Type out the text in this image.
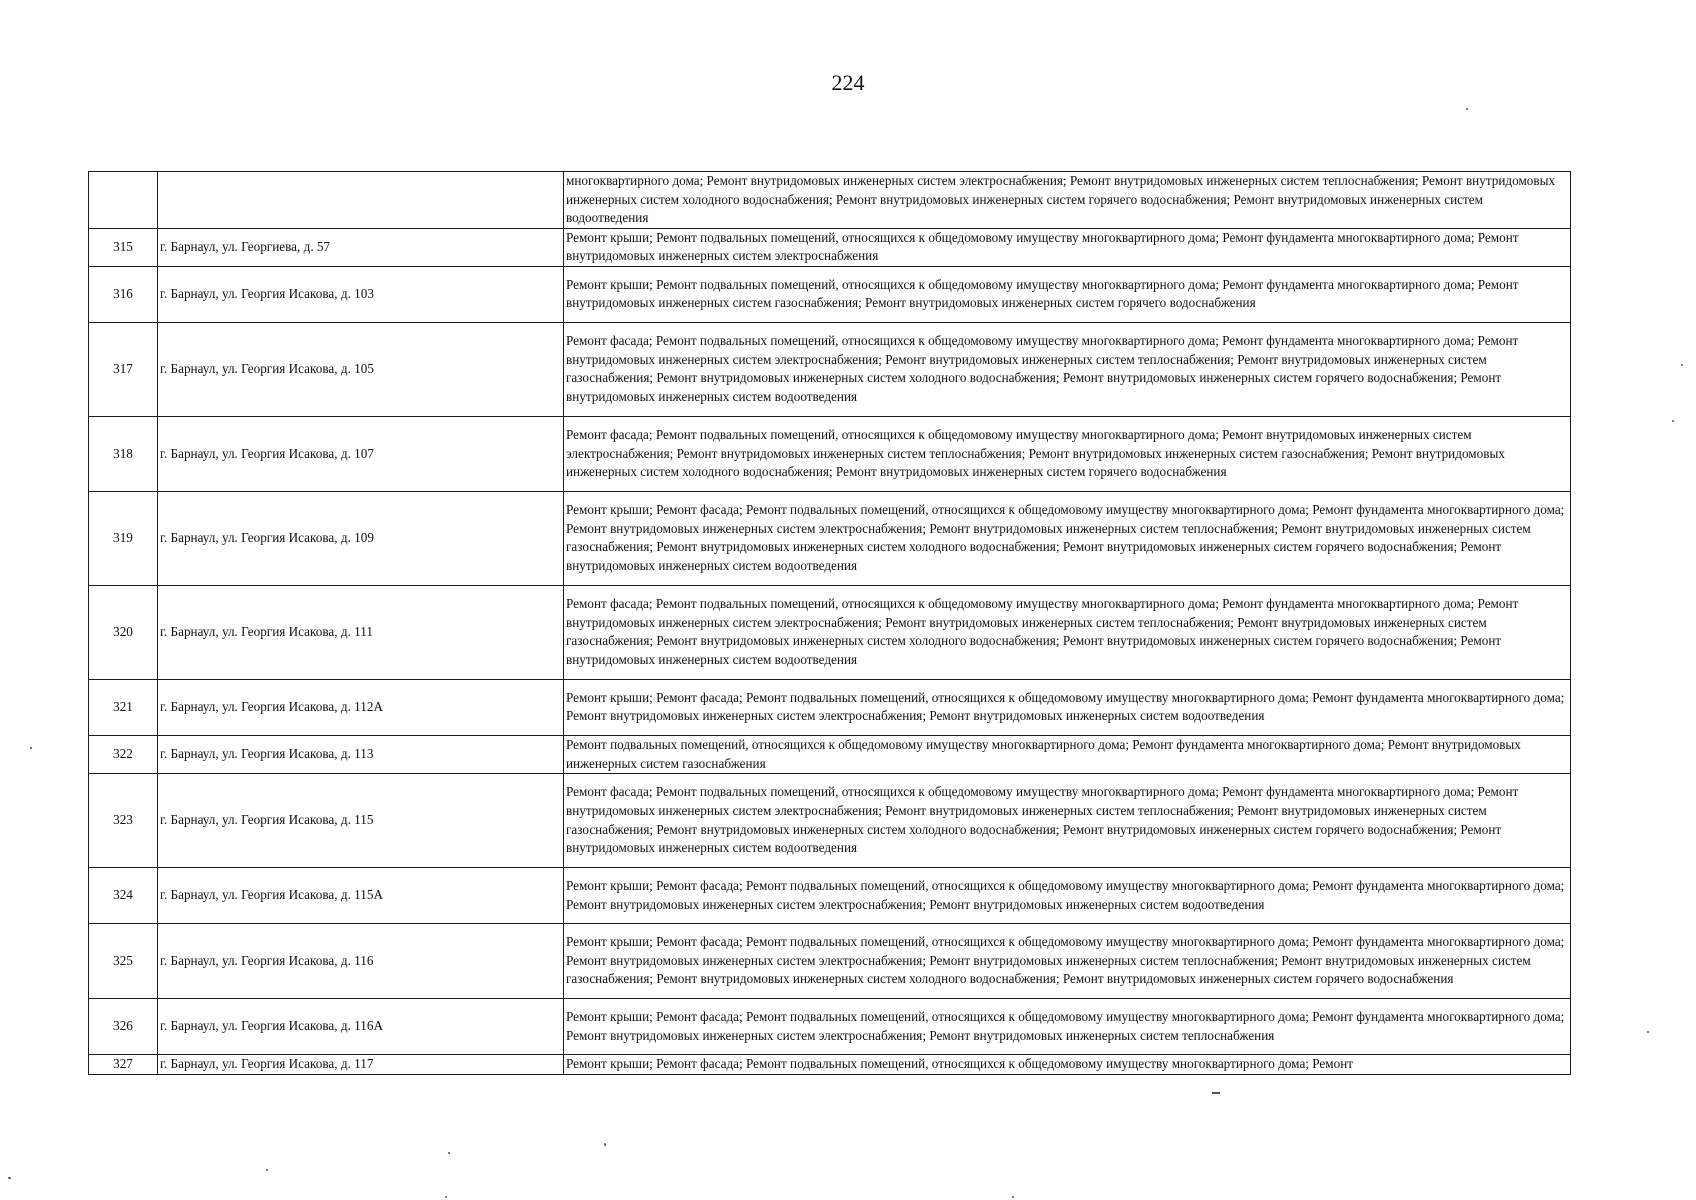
224
		многоквартирного дома; Ремонт внутридомовых инженерных систем электроснабжения; Ремонт внутридомовых инженерных систем теплоснабжения; Ремонт внутридомовых инженерных систем холодного водоснабжения; Ремонт внутридомовых инженерных систем горячего водоснабжения; Ремонт внутридомовых инженерных систем водоотведения
315	г. Барнаул, ул. Георгиева, д. 57	Ремонт крыши; Ремонт подвальных помещений, относящихся к общедомовому имуществу многоквартирного дома; Ремонт фундамента многоквартирного дома; Ремонт внутридомовых инженерных систем электроснабжения
316	г. Барнаул, ул. Георгия Исакова, д. 103	Ремонт крыши; Ремонт подвальных помещений, относящихся к общедомовому имуществу многоквартирного дома; Ремонт фундамента многоквартирного дома; Ремонт внутридомовых инженерных систем газоснабжения; Ремонт внутридомовых инженерных систем горячего водоснабжения
317	г. Барнаул, ул. Георгия Исакова, д. 105	Ремонт фасада; Ремонт подвальных помещений, относящихся к общедомовому имуществу многоквартирного дома; Ремонт фундамента многоквартирного дома; Ремонт внутридомовых инженерных систем электроснабжения; Ремонт внутридомовых инженерных систем теплоснабжения; Ремонт внутридомовых инженерных систем газоснабжения; Ремонт внутридомовых инженерных систем холодного водоснабжения; Ремонт внутридомовых инженерных систем горячего водоснабжения; Ремонт внутридомовых инженерных систем водоотведения
318	г. Барнаул, ул. Георгия Исакова, д. 107	Ремонт фасада; Ремонт подвальных помещений, относящихся к общедомовому имуществу многоквартирного дома; Ремонт внутридомовых инженерных систем электроснабжения; Ремонт внутридомовых инженерных систем теплоснабжения; Ремонт внутридомовых инженерных систем газоснабжения; Ремонт внутридомовых инженерных систем холодного водоснабжения; Ремонт внутридомовых инженерных систем горячего водоснабжения
319	г. Барнаул, ул. Георгия Исакова, д. 109	Ремонт крыши; Ремонт фасада; Ремонт подвальных помещений, относящихся к общедомовому имуществу многоквартирного дома; Ремонт фундамента многоквартирного дома; Ремонт внутридомовых инженерных систем электроснабжения; Ремонт внутридомовых инженерных систем теплоснабжения; Ремонт внутридомовых инженерных систем газоснабжения; Ремонт внутридомовых инженерных систем холодного водоснабжения; Ремонт внутридомовых инженерных систем горячего водоснабжения; Ремонт внутридомовых инженерных систем водоотведения
320	г. Барнаул, ул. Георгия Исакова, д. 111	Ремонт фасада; Ремонт подвальных помещений, относящихся к общедомовому имуществу многоквартирного дома; Ремонт фундамента многоквартирного дома; Ремонт внутридомовых инженерных систем электроснабжения; Ремонт внутридомовых инженерных систем теплоснабжения; Ремонт внутридомовых инженерных систем газоснабжения; Ремонт внутридомовых инженерных систем холодного водоснабжения; Ремонт внутридомовых инженерных систем горячего водоснабжения; Ремонт внутридомовых инженерных систем водоотведения
321	г. Барнаул, ул. Георгия Исакова, д. 112А	Ремонт крыши; Ремонт фасада; Ремонт подвальных помещений, относящихся к общедомовому имуществу многоквартирного дома; Ремонт фундамента многоквартирного дома; Ремонт внутридомовых инженерных систем электроснабжения; Ремонт внутридомовых инженерных систем водоотведения
322	г. Барнаул, ул. Георгия Исакова, д. 113	Ремонт подвальных помещений, относящихся к общедомовому имуществу многоквартирного дома; Ремонт фундамента многоквартирного дома; Ремонт внутридомовых инженерных систем газоснабжения
323	г. Барнаул, ул. Георгия Исакова, д. 115	Ремонт фасада; Ремонт подвальных помещений, относящихся к общедомовому имуществу многоквартирного дома; Ремонт фундамента многоквартирного дома; Ремонт внутридомовых инженерных систем электроснабжения; Ремонт внутридомовых инженерных систем теплоснабжения; Ремонт внутридомовых инженерных систем газоснабжения; Ремонт внутридомовых инженерных систем холодного водоснабжения; Ремонт внутридомовых инженерных систем горячего водоснабжения; Ремонт внутридомовых инженерных систем водоотведения
324	г. Барнаул, ул. Георгия Исакова, д. 115А	Ремонт крыши; Ремонт фасада; Ремонт подвальных помещений, относящихся к общедомовому имуществу многоквартирного дома; Ремонт фундамента многоквартирного дома; Ремонт внутридомовых инженерных систем электроснабжения; Ремонт внутридомовых инженерных систем водоотведения
325	г. Барнаул, ул. Георгия Исакова, д. 116	Ремонт крыши; Ремонт фасада; Ремонт подвальных помещений, относящихся к общедомовому имуществу многоквартирного дома; Ремонт фундамента многоквартирного дома; Ремонт внутридомовых инженерных систем электроснабжения; Ремонт внутридомовых инженерных систем теплоснабжения; Ремонт внутридомовых инженерных систем газоснабжения; Ремонт внутридомовых инженерных систем холодного водоснабжения; Ремонт внутридомовых инженерных систем горячего водоснабжения
326	г. Барнаул, ул. Георгия Исакова, д. 116А	Ремонт крыши; Ремонт фасада; Ремонт подвальных помещений, относящихся к общедомовому имуществу многоквартирного дома; Ремонт фундамента многоквартирного дома; Ремонт внутридомовых инженерных систем электроснабжения; Ремонт внутридомовых инженерных систем теплоснабжения
327	г. Барнаул, ул. Георгия Исакова, д. 117	Ремонт крыши; Ремонт фасада; Ремонт подвальных помещений, относящихся к общедомовому имуществу многоквартирного дома; Ремонт
